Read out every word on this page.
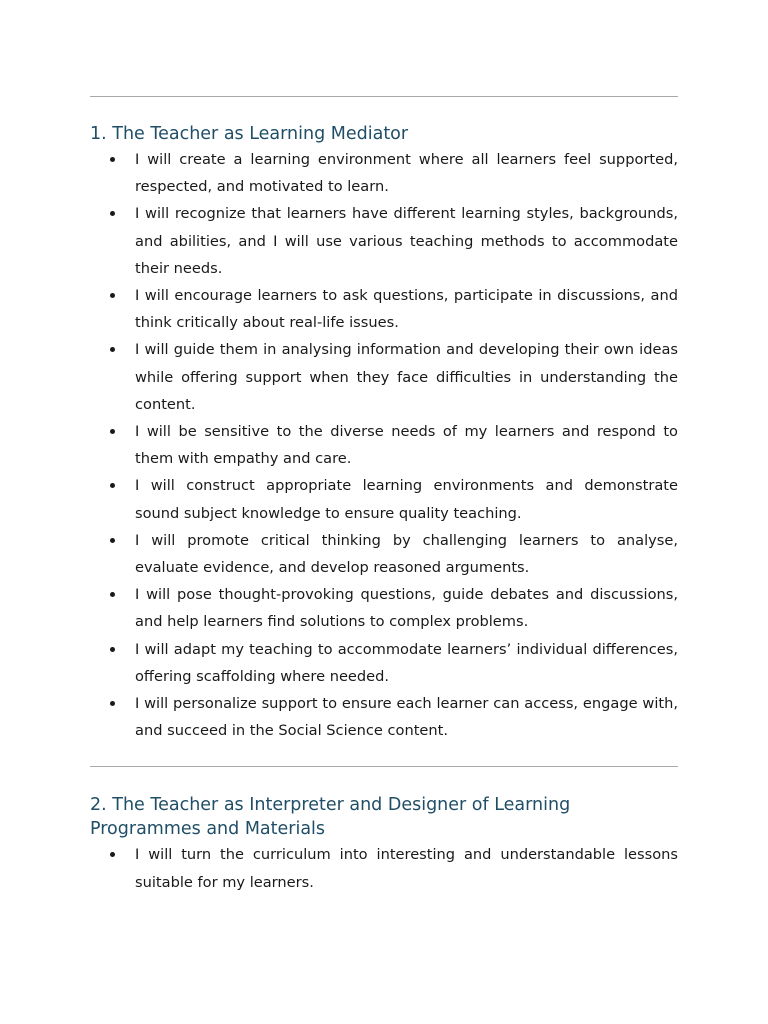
1. The Teacher as Learning Mediator
I will create a learning environment where all learners feel supported, respected, and motivated to learn.
I will recognize that learners have different learning styles, backgrounds, and abilities, and I will use various teaching methods to accommodate their needs.
I will encourage learners to ask questions, participate in discussions, and think critically about real-life issues.
I will guide them in analysing information and developing their own ideas while offering support when they face difficulties in understanding the content.
I will be sensitive to the diverse needs of my learners and respond to them with empathy and care.
I will construct appropriate learning environments and demonstrate sound subject knowledge to ensure quality teaching.
I will promote critical thinking by challenging learners to analyse, evaluate evidence, and develop reasoned arguments.
I will pose thought-provoking questions, guide debates and discussions, and help learners find solutions to complex problems.
I will adapt my teaching to accommodate learners’ individual differences, offering scaffolding where needed.
I will personalize support to ensure each learner can access, engage with, and succeed in the Social Science content.
2. The Teacher as Interpreter and Designer of Learning Programmes and Materials
I will turn the curriculum into interesting and understandable lessons suitable for my learners.
